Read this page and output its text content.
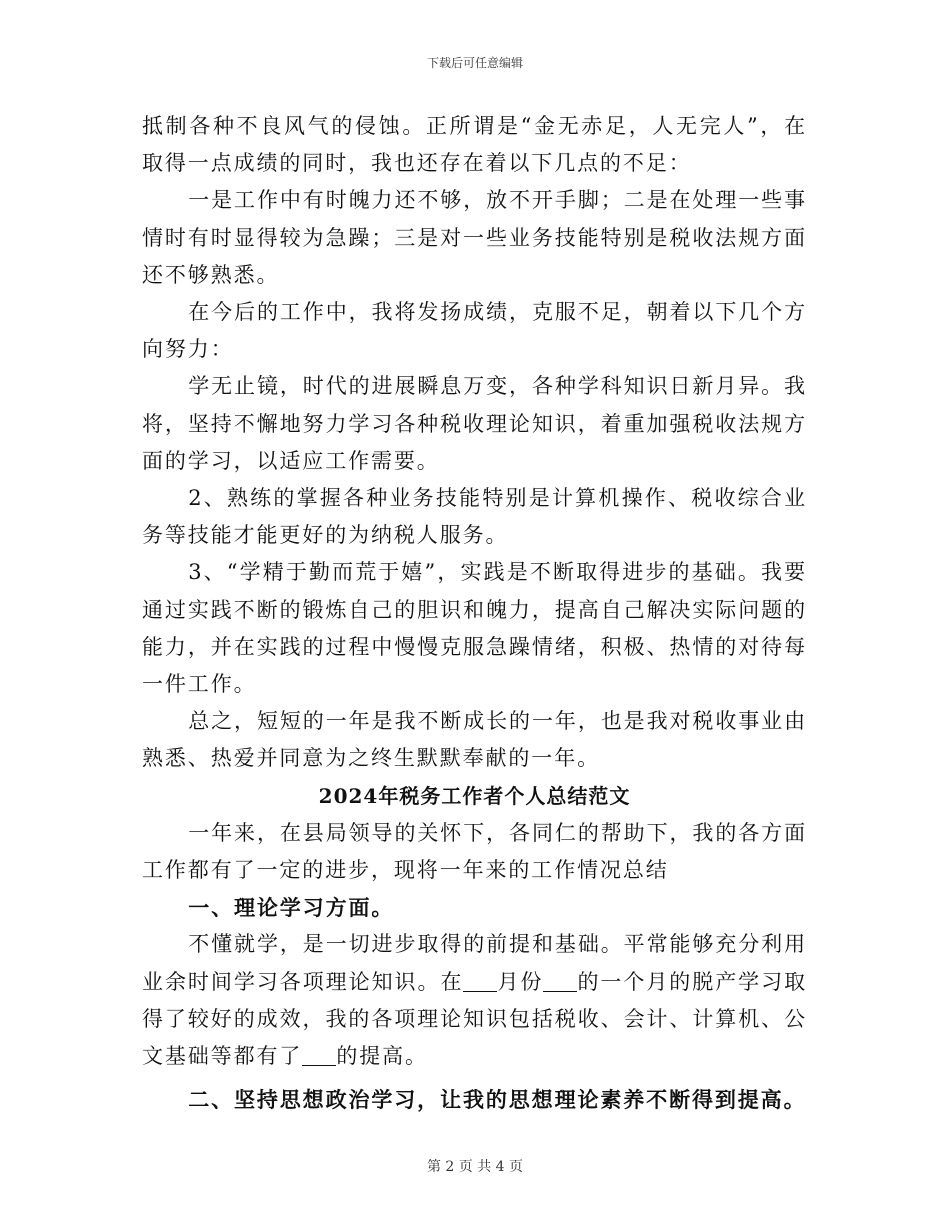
下载后可任意编辑

抵制各种不良风气的侵蚀。正所谓是“金无赤足，人无完人”，在取得一点成绩的同时，我也还存在着以下几点的不足：

一是工作中有时魄力还不够，放不开手脚；二是在处理一些事情时有时显得较为急躁；三是对一些业务技能特别是税收法规方面还不够熟悉。

在今后的工作中，我将发扬成绩，克服不足，朝着以下几个方向努力：

学无止镜，时代的进展瞬息万变，各种学科知识日新月异。我将，坚持不懈地努力学习各种税收理论知识，着重加强税收法规方面的学习，以适应工作需要。

2、熟练的掌握各种业务技能特别是计算机操作、税收综合业务等技能才能更好的为纳税人服务。

3、“学精于勤而荒于嬉”，实践是不断取得进步的基础。我要通过实践不断的锻炼自己的胆识和魄力，提高自己解决实际问题的能力，并在实践的过程中慢慢克服急躁情绪，积极、热情的对待每一件工作。

总之，短短的一年是我不断成长的一年，也是我对税收事业由熟悉、热爱并同意为之终生默默奉献的一年。

2024年税务工作者个人总结范文

一年来，在县局领导的关怀下，各同仁的帮助下，我的各方面工作都有了一定的进步，现将一年来的工作情况总结

一、理论学习方面。

不懂就学，是一切进步取得的前提和基础。平常能够充分利用业余时间学习各项理论知识。在 月份 的一个月的脱产学习取得了较好的成效，我的各项理论知识包括税收、会计、计算机、公文基础等都有了 的提高。

二、坚持思想政治学习，让我的思想理论素养不断得到提高。

第 2 页 共 4 页
